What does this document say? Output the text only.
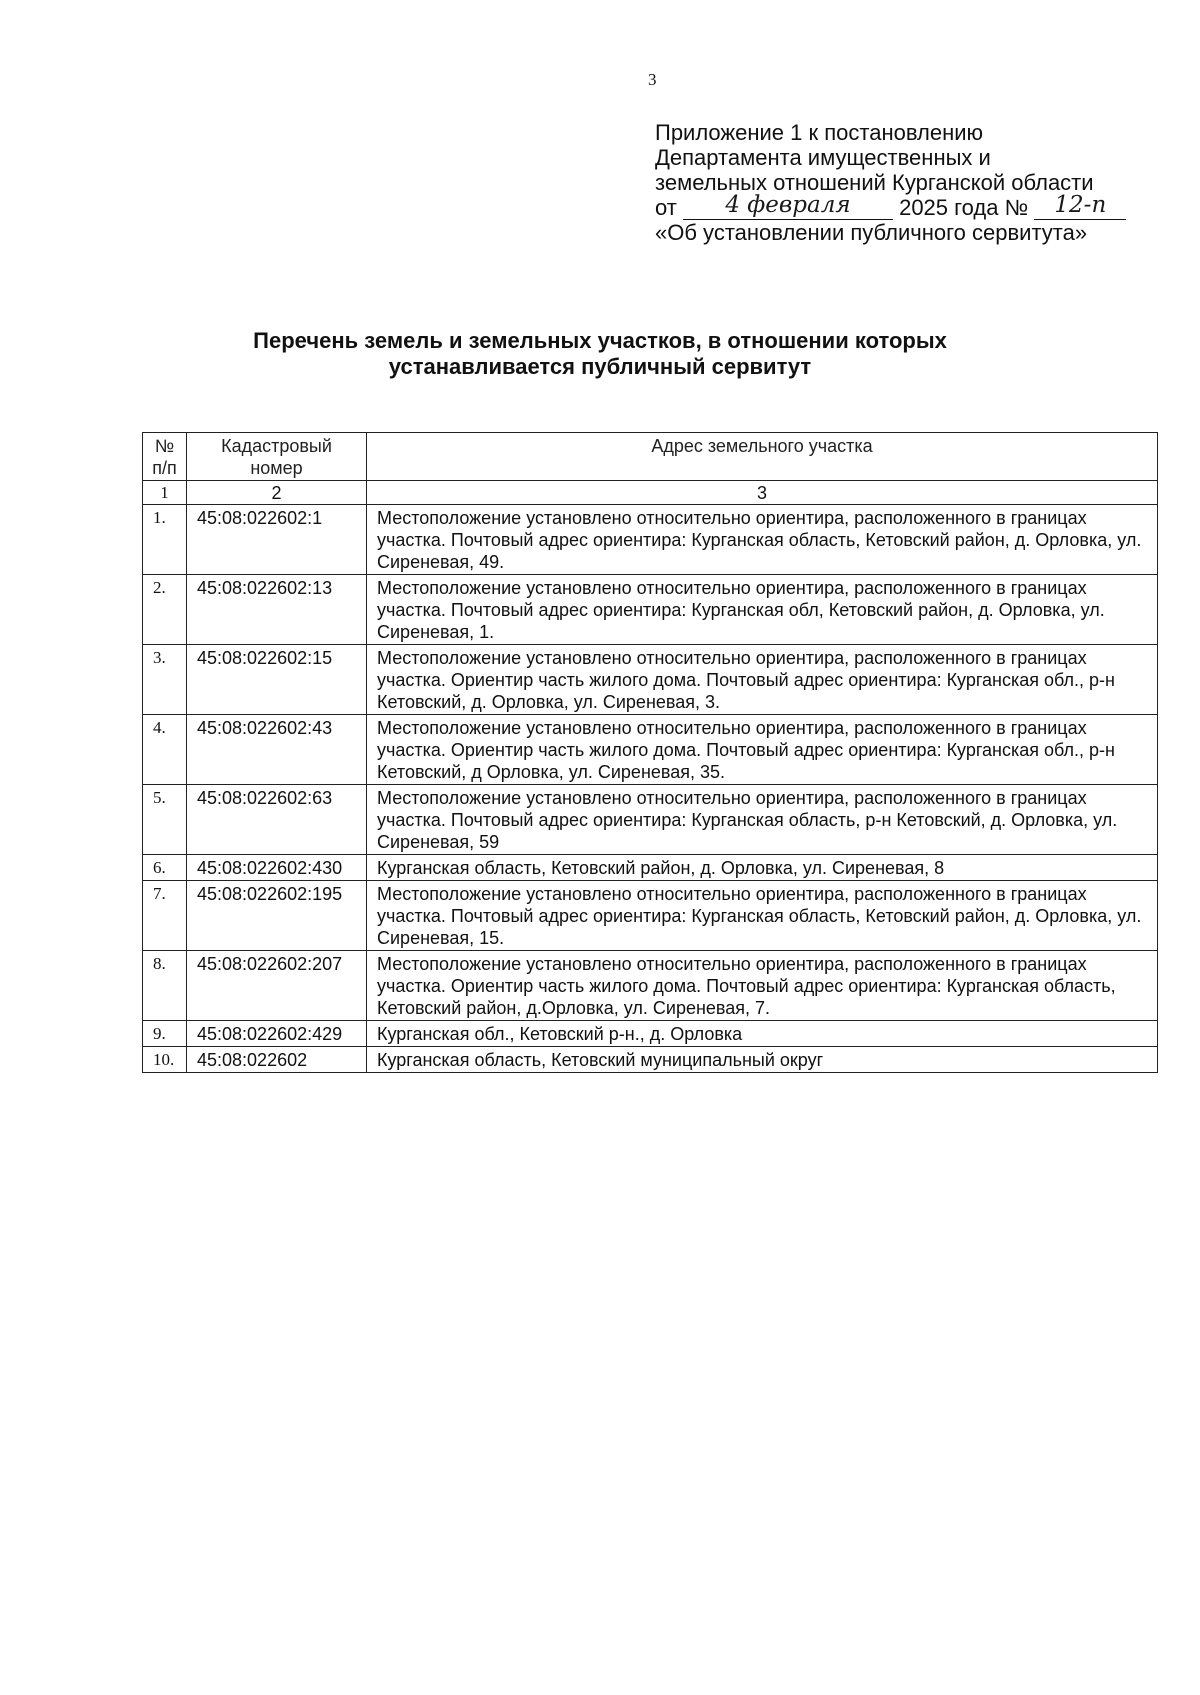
3
Приложение 1 к постановлению
Департамента имущественных и
земельных отношений Курганской области
от 4 февраля 2025 года № 12-п
«Об установлении публичного сервитута»
Перечень земель и земельных участков, в отношении которых
устанавливается публичный сервитут
№ п/п	Кадастровый номер	Адрес земельного участка
1	2	3
1.	45:08:022602:1	Местоположение установлено относительно ориентира, расположенного в границах участка. Почтовый адрес ориентира: Курганская область, Кетовский район, д. Орловка, ул. Сиреневая, 49.
2.	45:08:022602:13	Местоположение установлено относительно ориентира, расположенного в границах участка. Почтовый адрес ориентира: Курганская обл, Кетовский район, д. Орловка, ул. Сиреневая, 1.
3.	45:08:022602:15	Местоположение установлено относительно ориентира, расположенного в границах участка. Ориентир часть жилого дома. Почтовый адрес ориентира: Курганская обл., р-н Кетовский, д. Орловка, ул. Сиреневая, 3.
4.	45:08:022602:43	Местоположение установлено относительно ориентира, расположенного в границах участка. Ориентир часть жилого дома. Почтовый адрес ориентира: Курганская обл., р-н Кетовский, д Орловка, ул. Сиреневая, 35.
5.	45:08:022602:63	Местоположение установлено относительно ориентира, расположенного в границах участка. Почтовый адрес ориентира: Курганская область, р-н Кетовский, д. Орловка, ул. Сиреневая, 59
6.	45:08:022602:430	Курганская область, Кетовский район, д. Орловка, ул. Сиреневая, 8
7.	45:08:022602:195	Местоположение установлено относительно ориентира, расположенного в границах участка. Почтовый адрес ориентира: Курганская область, Кетовский район, д. Орловка, ул. Сиреневая, 15.
8.	45:08:022602:207	Местоположение установлено относительно ориентира, расположенного в границах участка. Ориентир часть жилого дома. Почтовый адрес ориентира: Курганская область, Кетовский район, д.Орловка, ул. Сиреневая, 7.
9.	45:08:022602:429	Курганская обл., Кетовский р-н., д. Орловка
10.	45:08:022602	Курганская область, Кетовский муниципальный округ
